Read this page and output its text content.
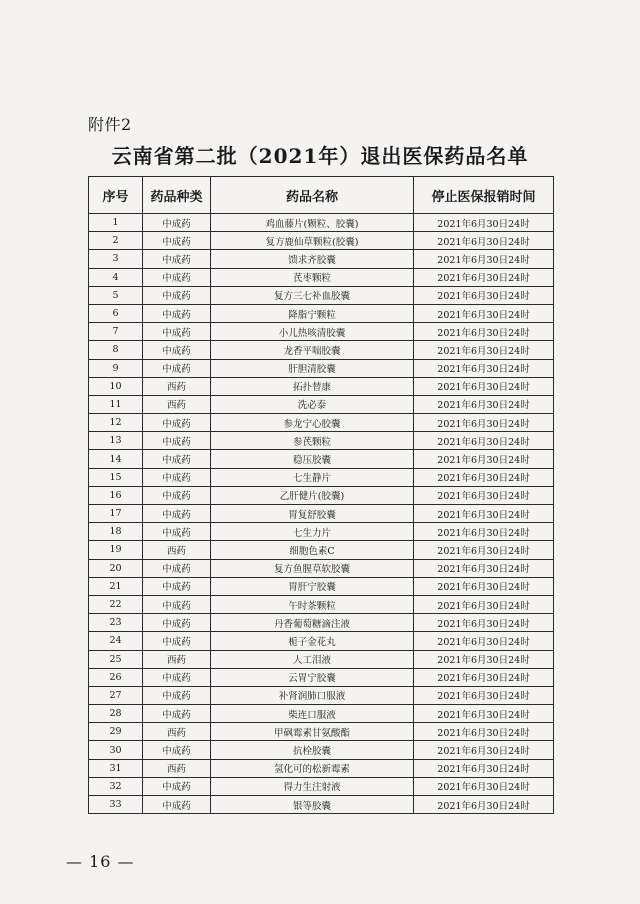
附件2
云南省第二批（2021年）退出医保药品名单
序号	药品种类	药品名称	停止医保报销时间
1	中成药	鸡血藤片(颗粒、胶囊)	2021年6月30日24时
2	中成药	复方鹿仙草颗粒(胶囊)	2021年6月30日24时
3	中成药	馈求齐胶囊	2021年6月30日24时
4	中成药	芪枣颗粒	2021年6月30日24时
5	中成药	复方三七补血胶囊	2021年6月30日24时
6	中成药	降脂宁颗粒	2021年6月30日24时
7	中成药	小儿热咳清胶囊	2021年6月30日24时
8	中成药	龙香平喘胶囊	2021年6月30日24时
9	中成药	肝胆清胶囊	2021年6月30日24时
10	西药	拓扑替康	2021年6月30日24时
11	西药	洗必泰	2021年6月30日24时
12	中成药	参龙宁心胶囊	2021年6月30日24时
13	中成药	参芪颗粒	2021年6月30日24时
14	中成药	稳压胶囊	2021年6月30日24时
15	中成药	七生静片	2021年6月30日24时
16	中成药	乙肝健片(胶囊)	2021年6月30日24时
17	中成药	胃复舒胶囊	2021年6月30日24时
18	中成药	七生力片	2021年6月30日24时
19	西药	细胞色素C	2021年6月30日24时
20	中成药	复方鱼腥草软胶囊	2021年6月30日24时
21	中成药	胃肝宁胶囊	2021年6月30日24时
22	中成药	午时茶颗粒	2021年6月30日24时
23	中成药	丹香葡萄糖滴注液	2021年6月30日24时
24	中成药	栀子金花丸	2021年6月30日24时
25	西药	人工泪液	2021年6月30日24时
26	中成药	云胃宁胶囊	2021年6月30日24时
27	中成药	补肾润肺口服液	2021年6月30日24时
28	中成药	柴连口服液	2021年6月30日24时
29	西药	甲砜霉素甘氨酸酯	2021年6月30日24时
30	中成药	抗栓胶囊	2021年6月30日24时
31	西药	氢化可的松新霉素	2021年6月30日24时
32	中成药	得力生注射液	2021年6月30日24时
33	中成药	银等胶囊	2021年6月30日24时
— 16 —
